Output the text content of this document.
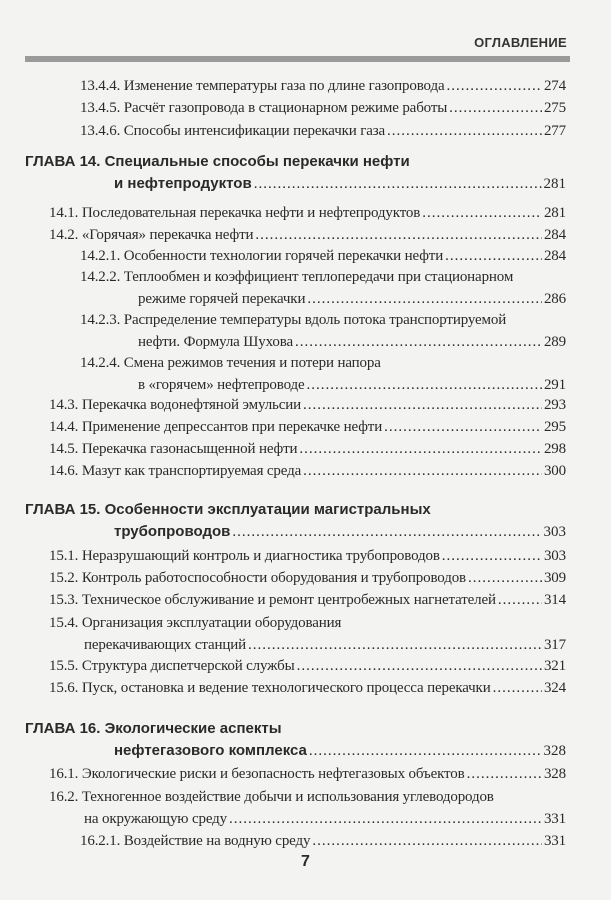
ОГЛАВЛЕНИЕ
13.4.4. Изменение температуры газа по длине газопровода .....	274
13.4.5. Расчёт газопровода в стационарном режиме работы .....	275
13.4.6. Способы интенсификации перекачки газа .....	277
ГЛАВА 14. Специальные способы перекачки нефти
и нефтепродуктов .....	281
14.1. Последовательная перекачка нефти и нефтепродуктов .....	281
14.2. «Горячая» перекачка нефти .....	284
14.2.1. Особенности технологии горячей перекачки нефти .....	284
14.2.2. Теплообмен и коэффициент теплопередачи при стационарном
режиме горячей перекачки .....	286
14.2.3. Распределение температуры вдоль потока транспортируемой
нефти. Формула Шухова .....	289
14.2.4. Смена режимов течения и потери напора
в «горячем» нефтепроводе .....	291
14.3. Перекачка водонефтяной эмульсии .....	293
14.4. Применение депрессантов при перекачке нефти .....	295
14.5. Перекачка газонасыщенной нефти .....	298
14.6. Мазут как транспортируемая среда .....	300
ГЛАВА 15. Особенности эксплуатации магистральных
трубопроводов .....	303
15.1. Неразрушающий контроль и диагностика трубопроводов .....	303
15.2. Контроль работоспособности оборудования и трубопроводов .....	309
15.3. Техническое обслуживание и ремонт центробежных нагнетателей .....	314
15.4. Организация эксплуатации оборудования
перекачивающих станций .....	317
15.5. Структура диспетчерской службы .....	321
15.6. Пуск, остановка и ведение технологического процесса перекачки .....	324
ГЛАВА 16. Экологические аспекты
нефтегазового комплекса .....	328
16.1. Экологические риски и безопасность нефтегазовых объектов .....	328
16.2. Техногенное воздействие добычи и использования углеводородов
на окружающую среду .....	331
16.2.1. Воздействие на водную среду .....	331
7
